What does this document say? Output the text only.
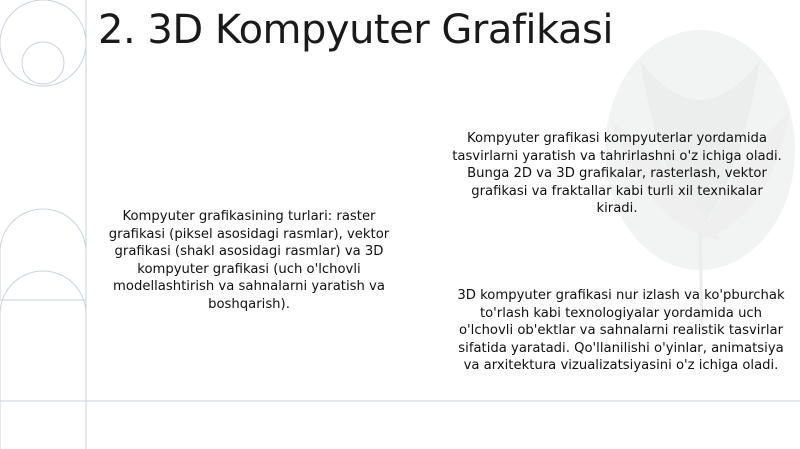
2. 3D Kompyuter Grafikasi
Kompyuter grafikasining turlari: raster grafikasi (piksel asosidagi rasmlar), vektor grafikasi (shakl asosidagi rasmlar) va 3D kompyuter grafikasi (uch o'lchovli modellashtirish va sahnalarni yaratish va boshqarish).
Kompyuter grafikasi kompyuterlar yordamida tasvirlarni yaratish va tahrirlashni o'z ichiga oladi. Bunga 2D va 3D grafikalar, rasterlash, vektor grafikasi va fraktallar kabi turli xil texnikalar kiradi.
3D kompyuter grafikasi nur izlash va ko'pburchak to'rlash kabi texnologiyalar yordamida uch o'lchovli ob'ektlar va sahnalarni realistik tasvirlar sifatida yaratadi. Qo'llanilishi o'yinlar, animatsiya va arxitektura vizualizatsiyasini o'z ichiga oladi.
